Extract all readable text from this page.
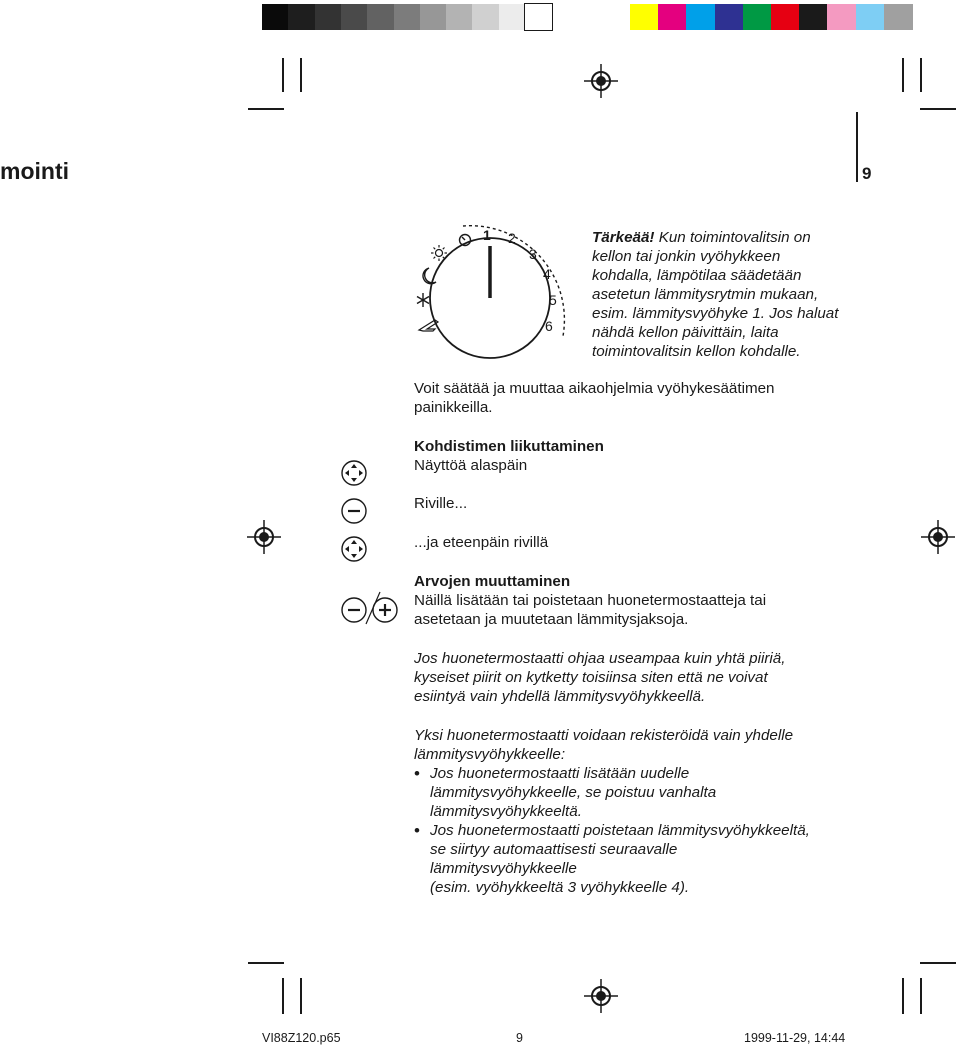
mointi	9
1 2
3
4
5
6
Tärkeää! Kun toimintovalitsin on
kellon tai jonkin vyöhykkeen
kohdalla, lämpötilaa säädetään
asetetun lämmitysrytmin mukaan,
esim. lämmitysvyöhyke 1. Jos haluat
nähdä kellon päivittäin, laita
toimintovalitsin kellon kohdalle.
Voit säätää ja muuttaa aikaohjelmia vyöhykesäätimen
painikkeilla.
Kohdistimen liikuttaminen
Näyttöä alaspäin
Riville...
...ja eteenpäin rivillä
Arvojen muuttaminen
Näillä lisätään tai poistetaan huonetermostaatteja tai
asetetaan ja muutetaan lämmitysjaksoja.
Jos huonetermostaatti ohjaa useampaa kuin yhtä piiriä,
kyseiset piirit on kytketty toisiinsa siten että ne voivat
esiintyä vain yhdellä lämmitysvyöhykkeellä.
Yksi huonetermostaatti voidaan rekisteröidä vain yhdelle
lämmitysvyöhykkeelle:
• Jos huonetermostaatti lisätään uudelle
lämmitysvyöhykkeelle, se poistuu vanhalta
lämmitysvyöhykkeeltä.
• Jos huonetermostaatti poistetaan lämmitysvyöhykkeeltä,
se siirtyy automaattisesti seuraavalle
lämmitysvyöhykkeelle
(esim. vyöhykkeeltä 3 vyöhykkeelle 4).
VI88Z120.p65	9	1999-11-29, 14:44
